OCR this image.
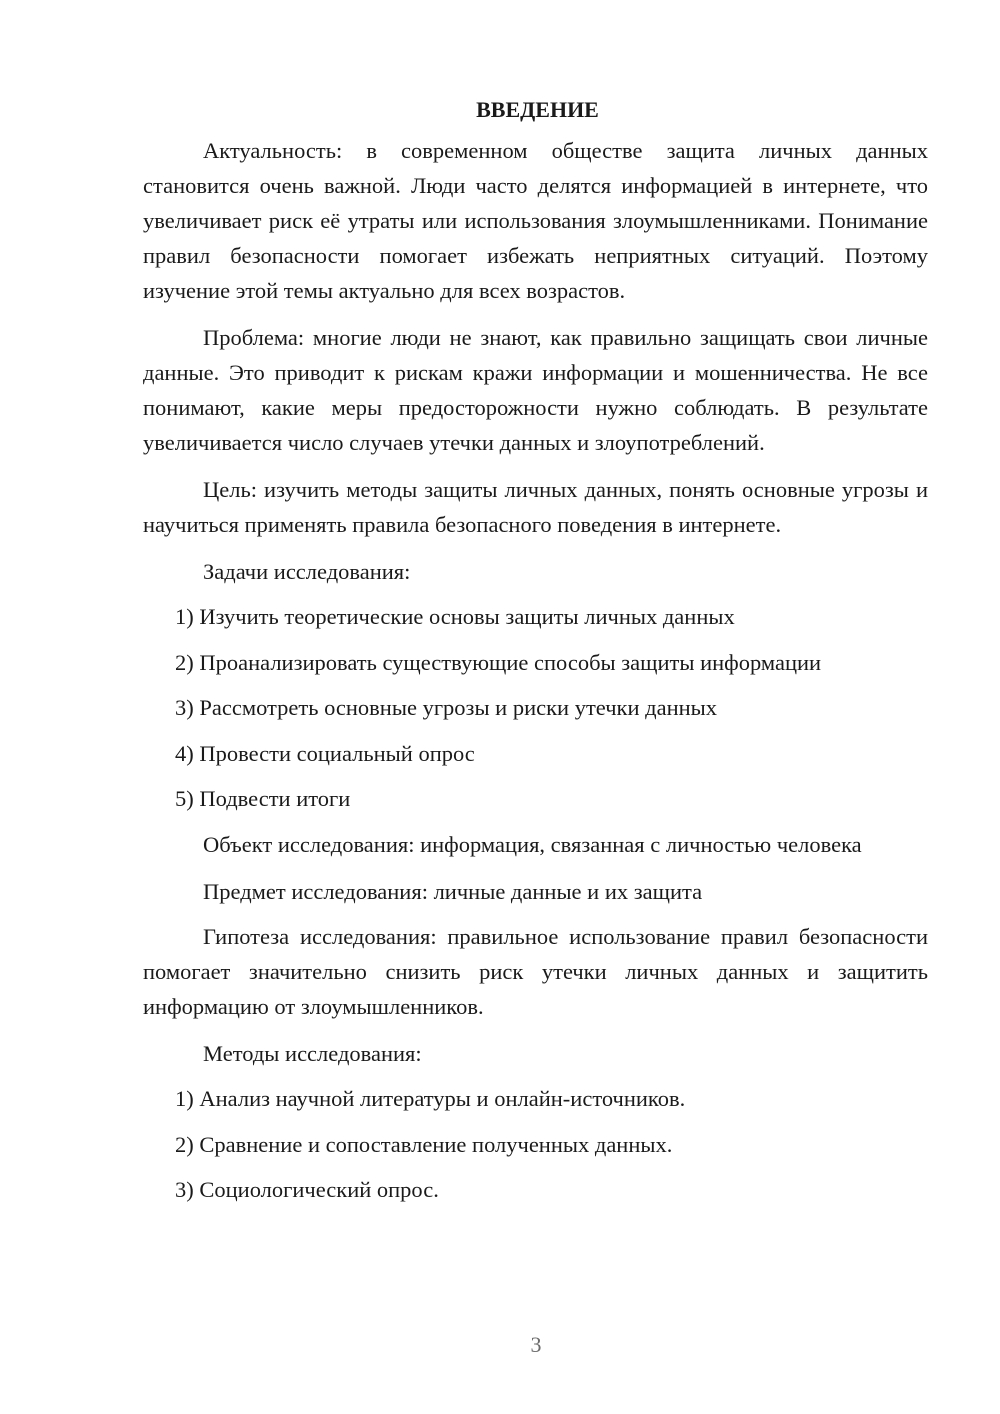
ВВЕДЕНИЕ

Актуальность: в современном обществе защита личных данных становится очень важной. Люди часто делятся информацией в интернете, что увеличивает риск её утраты или использования злоумышленниками. Понимание правил безопасности помогает избежать неприятных ситуаций. Поэтому изучение этой темы актуально для всех возрастов.

Проблема: многие люди не знают, как правильно защищать свои личные данные. Это приводит к рискам кражи информации и мошенничества. Не все понимают, какие меры предосторожности нужно соблюдать. В результате увеличивается число случаев утечки данных и злоупотреблений.

Цель: изучить методы защиты личных данных, понять основные угрозы и научиться применять правила безопасного поведения в интернете.

Задачи исследования:

1) Изучить теоретические основы защиты личных данных
2) Проанализировать существующие способы защиты информации
3) Рассмотреть основные угрозы и риски утечки данных
4) Провести социальный опрос
5) Подвести итоги

Объект исследования: информация, связанная с личностью человека

Предмет исследования: личные данные и их защита

Гипотеза исследования: правильное использование правил безопасности помогает значительно снизить риск утечки личных данных и защитить информацию от злоумышленников.

Методы исследования:

1) Анализ научной литературы и онлайн-источников.
2) Сравнение и сопоставление полученных данных.
3) Социологический опрос.
3
